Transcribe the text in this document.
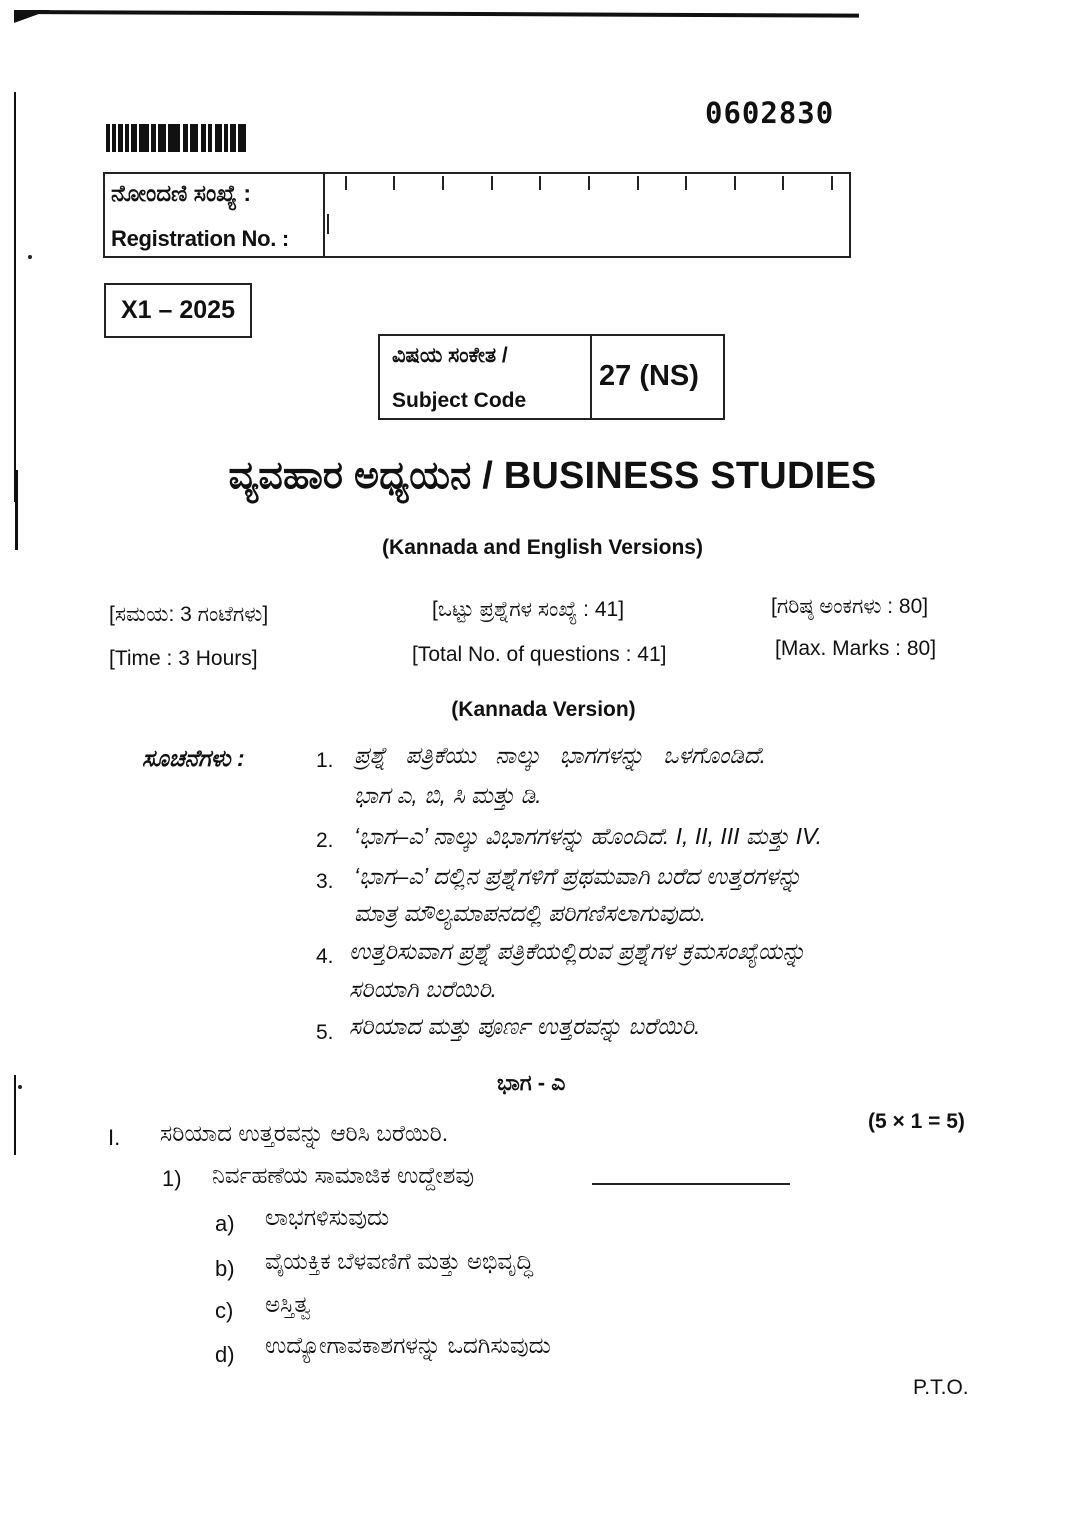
0602830
ನೋಂದಣಿ ಸಂಖ್ಯೆ :
Registration No. :
X1 – 2025
ವಿಷಯ ಸಂಕೇತ /
Subject Code
27 (NS)
ವ್ಯವಹಾರ ಅಧ್ಯಯನ / BUSINESS STUDIES
(Kannada and English Versions)
[ಸಮಯ: 3 ಗಂಟೆಗಳು]
[Time : 3 Hours]
[ಒಟ್ಟು ಪ್ರಶ್ನೆಗಳ ಸಂಖ್ಯೆ : 41]
[Total No. of questions : 41]
[ಗರಿಷ್ಠ ಅಂಕಗಳು : 80]
[Max. Marks : 80]
(Kannada Version)
ಸೂಚನೆಗಳು :	1. ಪ್ರಶ್ನೆ   ಪತ್ರಿಕೆಯು   ನಾಲ್ಕು   ಭಾಗಗಳನ್ನು   ಒಳಗೊಂಡಿದೆ.
ಭಾಗ ಎ, ಬಿ, ಸಿ ಮತ್ತು ಡಿ.
2. ‘ಭಾಗ–ಎ’ ನಾಲ್ಕು ವಿಭಾಗಗಳನ್ನು ಹೊಂದಿದೆ. I, II, III ಮತ್ತು IV.
3. ‘ಭಾಗ–ಎ’ ದಲ್ಲಿನ ಪ್ರಶ್ನೆಗಳಿಗೆ ಪ್ರಥಮವಾಗಿ ಬರೆದ ಉತ್ತರಗಳನ್ನು
ಮಾತ್ರ ಮೌಲ್ಯಮಾಪನದಲ್ಲಿ ಪರಿಗಣಿಸಲಾಗುವುದು.
4. ಉತ್ತರಿಸುವಾಗ ಪ್ರಶ್ನೆ ಪತ್ರಿಕೆಯಲ್ಲಿರುವ ಪ್ರಶ್ನೆಗಳ ಕ್ರಮಸಂಖ್ಯೆಯನ್ನು
ಸರಿಯಾಗಿ ಬರೆಯಿರಿ.
5. ಸರಿಯಾದ ಮತ್ತು ಪೂರ್ಣ ಉತ್ತರವನ್ನು ಬರೆಯಿರಿ.
ಭಾಗ - ಎ
I. ಸರಿಯಾದ ಉತ್ತರವನ್ನು ಆರಿಸಿ ಬರೆಯಿರಿ.	(5 × 1 = 5)
1) ನಿರ್ವಹಣೆಯ ಸಾಮಾಜಿಕ ಉದ್ದೇಶವು
a) ಲಾಭಗಳಿಸುವುದು
b) ವೈಯಕ್ತಿಕ ಬೆಳವಣಿಗೆ ಮತ್ತು ಅಭಿವೃದ್ಧಿ
c) ಅಸ್ತಿತ್ವ
d) ಉದ್ಯೋಗಾವಕಾಶಗಳನ್ನು ಒದಗಿಸುವುದು
P.T.O.
